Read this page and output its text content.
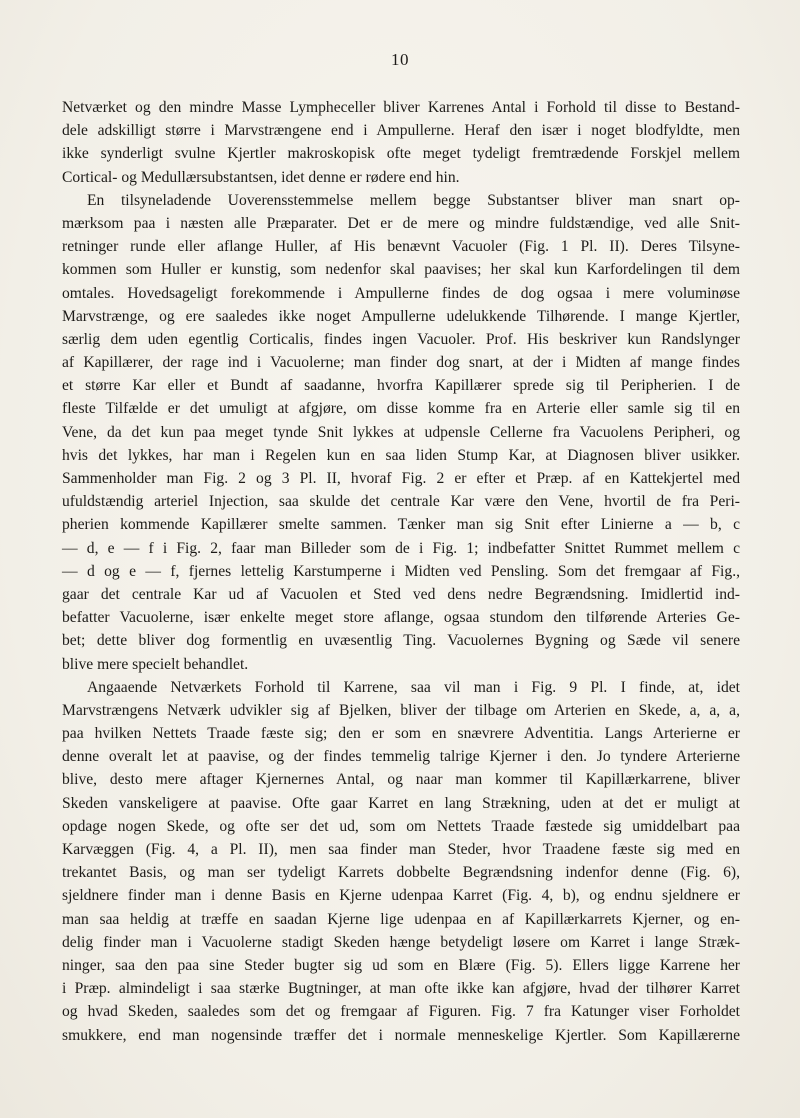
10
Netværket og den mindre Masse Lympheceller bliver Karrenes Antal i Forhold til disse to Bestand-
dele adskilligt større i Marvstrængene end i Ampullerne. Heraf den især i noget blodfyldte, men
ikke synderligt svulne Kjertler makroskopisk ofte meget tydeligt fremtrædende Forskjel mellem
Cortical- og Medullærsubstantsen, idet denne er rødere end hin.
En tilsyneladende Uoverensstemmelse mellem begge Substantser bliver man snart op-
mærksom paa i næsten alle Præparater. Det er de mere og mindre fuldstændige, ved alle Snit-
retninger runde eller aflange Huller, af His benævnt Vacuoler (Fig. 1 Pl. II). Deres Tilsyne-
kommen som Huller er kunstig, som nedenfor skal paavises; her skal kun Karfordelingen til dem
omtales. Hovedsageligt forekommende i Ampullerne findes de dog ogsaa i mere voluminøse
Marvstrænge, og ere saaledes ikke noget Ampullerne udelukkende Tilhørende. I mange Kjertler,
særlig dem uden egentlig Corticalis, findes ingen Vacuoler. Prof. His beskriver kun Randslynger
af Kapillærer, der rage ind i Vacuolerne; man finder dog snart, at der i Midten af mange findes
et større Kar eller et Bundt af saadanne, hvorfra Kapillærer sprede sig til Peripherien. I de
fleste Tilfælde er det umuligt at afgjøre, om disse komme fra en Arterie eller samle sig til en
Vene, da det kun paa meget tynde Snit lykkes at udpensle Cellerne fra Vacuolens Peripheri, og
hvis det lykkes, har man i Regelen kun en saa liden Stump Kar, at Diagnosen bliver usikker.
Sammenholder man Fig. 2 og 3 Pl. II, hvoraf Fig. 2 er efter et Præp. af en Kattekjertel med
ufuldstændig arteriel Injection, saa skulde det centrale Kar være den Vene, hvortil de fra Peri-
pherien kommende Kapillærer smelte sammen. Tænker man sig Snit efter Linierne a — b, c
— d, e — f i Fig. 2, faar man Billeder som de i Fig. 1; indbefatter Snittet Rummet mellem c
— d og e — f, fjernes lettelig Karstumperne i Midten ved Pensling. Som det fremgaar af Fig.,
gaar det centrale Kar ud af Vacuolen et Sted ved dens nedre Begrændsning. Imidlertid ind-
befatter Vacuolerne, især enkelte meget store aflange, ogsaa stundom den tilførende Arteries Ge-
bet; dette bliver dog formentlig en uvæsentlig Ting. Vacuolernes Bygning og Sæde vil senere
blive mere specielt behandlet.
Angaaende Netværkets Forhold til Karrene, saa vil man i Fig. 9 Pl. I finde, at, idet
Marvstrængens Netværk udvikler sig af Bjelken, bliver der tilbage om Arterien en Skede, a, a, a,
paa hvilken Nettets Traade fæste sig; den er som en snævrere Adventitia. Langs Arterierne er
denne overalt let at paavise, og der findes temmelig talrige Kjerner i den. Jo tyndere Arterierne
blive, desto mere aftager Kjernernes Antal, og naar man kommer til Kapillærkarrene, bliver
Skeden vanskeligere at paavise. Ofte gaar Karret en lang Strækning, uden at det er muligt at
opdage nogen Skede, og ofte ser det ud, som om Nettets Traade fæstede sig umiddelbart paa
Karvæggen (Fig. 4, a Pl. II), men saa finder man Steder, hvor Traadene fæste sig med en
trekantet Basis, og man ser tydeligt Karrets dobbelte Begrændsning indenfor denne (Fig. 6),
sjeldnere finder man i denne Basis en Kjerne udenpaa Karret (Fig. 4, b), og endnu sjeldnere er
man saa heldig at træffe en saadan Kjerne lige udenpaa en af Kapillærkarrets Kjerner, og en-
delig finder man i Vacuolerne stadigt Skeden hænge betydeligt løsere om Karret i lange Stræk-
ninger, saa den paa sine Steder bugter sig ud som en Blære (Fig. 5). Ellers ligge Karrene her
i Præp. almindeligt i saa stærke Bugtninger, at man ofte ikke kan afgjøre, hvad der tilhører Karret
og hvad Skeden, saaledes som det og fremgaar af Figuren. Fig. 7 fra Katunger viser Forholdet
smukkere, end man nogensinde træffer det i normale menneskelige Kjertler. Som Kapillærerne
